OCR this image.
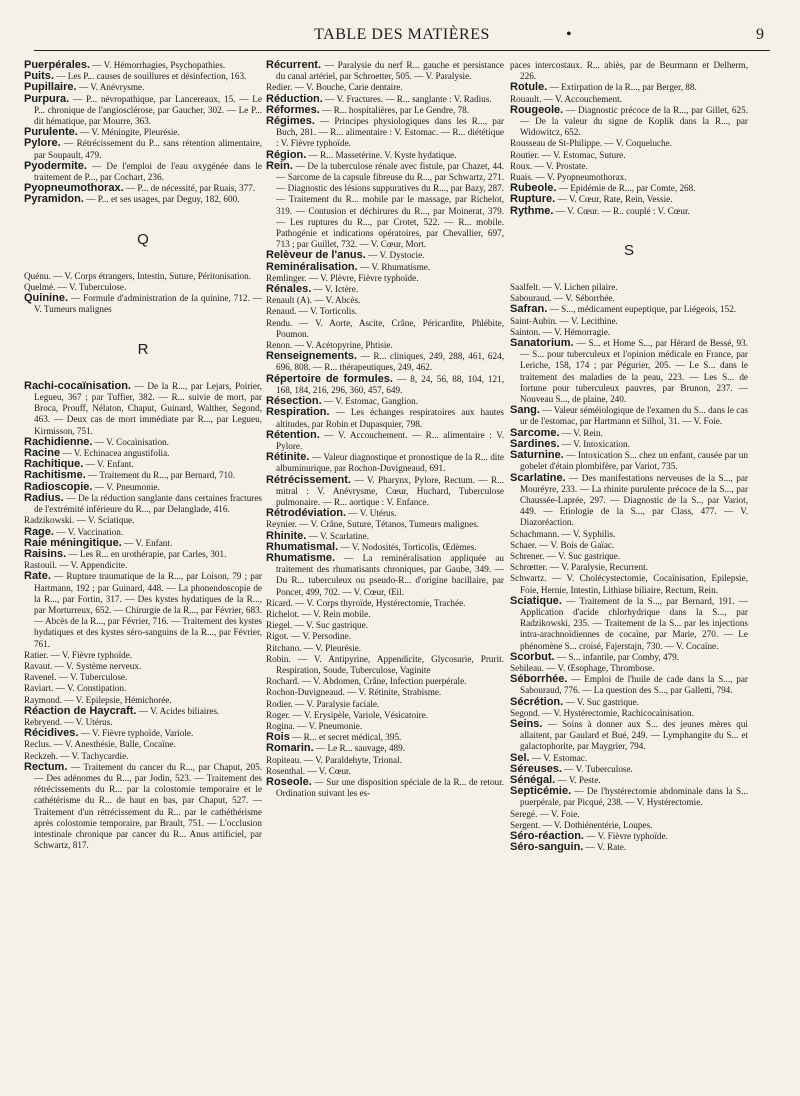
TABLE DES MATIÈRES	•	9

Puerpérales. — V. Hémorrhagies, Psychopathies.

Puits. — Les P... causes de souillures et désinfection, 163.

Pupillaire. — V. Anévrysme.

Purpura. — P... névropathique, par Lancereaux, 15. — Le P... chronique de l'angiosclérose, par Gaucher, 302. — Le P... dit hématique, par Mourre, 363.

Purulente. — V. Méningite, Pleurésie.

Pylore. — Rétrécissement du P... sans rétention alimentaire, par Soupault, 479.

Pyodermite. — De l'emploi de l'eau oxygénée dans le traitement de P..., par Cochart, 236.

Pyopneumothorax. — P... de nécessité, par Ruais, 377.

Pyramidon. — P... et ses usages, par Deguy, 182, 600.

Q

Quénu. — V. Corps étrangers, Intestin, Suture, Péritonisation.

Quelmé. — V. Tuberculose.

Quinine. — Formule d'administration de la quinine, 712. — V. Tumeurs malignes

R

Rachi-cocaïnisation. — De la R..., par Lejars, Poirier, Legueu, 367 ; par Tuffier, 382. — R... suivie de mort, par Broca, Prouff, Nélaton, Chaput, Guinard, Walther, Segond, 463. — Deux cas de mort immédiate par R..., par Legueu, Kirmisson, 751.

Rachidienne. — V. Cocaïnisation.

Racine — V. Echinacea angustifolia.

Rachitique. — V. Enfant.

Rachitisme. — Traitement du R..., par Bernard, 710.

Radioscopie. — V. Pneumonie.

Radius. — De la réduction sanglante dans certaines fractures de l'extrémité inférieure du R..., par Delanglade, 416.

Radzikowski. — V. Sciatique.

Rage. — V. Vaccination.

Raie méningitique. — V. Enfant.

Raisins. — Les R... en urothérapie, par Carles, 301.

Rastouil. — V. Appendicite.

Rate. — Rupture traumatique de la R..., par Loison, 79 ; par Hartmann, 192 ; par Guinard, 448. — La phonendoscopie de la R..., par Fortin, 317. — Des kystes hydatiques de la R..., par Morturreux, 652. — Chirurgie de la R..., par Février, 683. — Abcès de la R..., par Février, 716. — Traitement des kystes hydatiques et des kystes séro-sanguins de la R..., par Février, 761.

Ratier. — V. Fièvre typhoïde.

Ravaut. — V. Système nerveux.

Ravenel. — V. Tuberculose.

Raviart. — V. Constipation.

Raymond. — V. Epilepsie, Hémichorée.

Réaction de Haycraft. — V. Acides biliaires.

Rebryend. — V. Utérus.

Récidives. — V. Fièvre typhoïde, Variole.

Reclus. — V. Anesthésie, Balle, Cocaïne.

Reckzeh. — V. Tachycardie.

Rectum. — Traitement du cancer du R..., par Chaput, 205. — Des adénomes du R..., par Jodin, 523. — Traitement des rétrécissements du R... par la colostomie temporaire et le cathétérisme du R... de haut en bas, par Chaput, 527. — Traitement d'un rétrécissement du R... par le cathéthérisme après colostomie temporaire, par Brault, 751. — L'occlusion intestinale chronique par cancer du R... Anus artificiel, par Schwartz, 817.

Récurrent. — Paralysie du nerf R... gauche et persistance du canal artériel, par Schroetter, 505. — V. Paralysie.

Redier. — V. Bouche, Carie dentaire.

Réduction. — V. Fractures. — R... sanglante : V. Radius.

Réformes. — R... hospitalières, par Le Gendre, 78.

Régimes. — Principes physiologiques dans les R..., par Buch, 281. — R... alimentaire : V. Estomac. — R... diététique : V. Fièvre typhoïde.

Région. — R... Massetérine. V. Kyste hydatique.

Rein. — De la tuberculose rénale avec fistule, par Chazet, 44. — Sarcome de la capsule fibreuse du R..., par Schwartz, 271. — Diagnostic des lésions suppuratives du R..., par Bazy, 287. — Traitement du R... mobile par le massage, par Richelot, 319. — Contusion et déchirures du R..., par Moinerat, 379. — Les ruptures du R..., par Crotet, 522. — R... mobile. Pathogénie et indications opératoires, par Chevallier, 697, 713 ; par Guillet, 732. — V. Cœur, Mort.

Relèveur de l'anus. — V. Dystocie.

Reminéralisation. — V. Rhumatisme.

Remlinger. — V. Plèvre, Fièvre typhoïde.

Rénales. — V. Ictère.

Renault (A). — V. Abcès.

Renaud. — V. Torticolis.

Rendu. — V. Aorte, Ascite, Crâne, Péricardite, Phlébite, Poumon.

Renon. — V. Acétopyrine, Phtisie.

Renseignements. — R... cliniques, 249, 288, 461, 624, 696, 808. — R... thérapeutiques, 249, 462.

Répertoire de formules. — 8, 24, 56, 88, 104, 121, 168, 184, 216, 296, 360, 457, 649.

Résection. — V. Estomac, Ganglion.

Respiration. — Les échanges respiratoires aux hautes altitudes, par Robin et Dupasquier, 798.

Rétention. — V. Accouchement. — R... alimentaire : V. Pylore.

Rétinite. — Valeur diagnostique et pronostique de la R... dite albuminurique, par Rochon-Duvigneaud, 691.

Rétrécissement. — V. Pharynx, Pylore, Rectum. — R... mitral : V. Anévrysme, Cœur, Huchard, Tuberculose pulmonaire. — R... aortique : V. Enfance.

Rétrodéviation. — V. Utérus.

Reynier. — V. Crâne, Suture, Tétanos, Tumeurs malignes.

Rhinite. — V. Scarlatine.

Rhumatismal. — V. Nodosités, Torticolis, Œdèmes.

Rhumatisme. — La reminéralisation appliquée au traitement des rhumatisants chroniques, par Gaube, 349. — Du R... tuberculeux ou pseudo-R... d'origine bacillaire, par Poncet, 499, 702. — V. Cœur, Œil.

Ricard. — V. Corps thyroïde, Hystérectomie, Trachée.

Richelot. — V. Rein mobile.

Riegel. — V. Suc gastrique.

Rigot. — V. Persodine.

Ritchano. — V. Pleurésie.

Robin. — V. Antipyrine, Appendicite, Glycosurie, Prurit. Respiration, Soude, Tuberculose, Vaginite

Rochard. — V. Abdomen, Crâne, Infection puerpérale.

Rochon-Duvigneaud. — V. Rétinite, Strabisme.

Rodier. — V. Paralysie faciale.

Roger. — V. Erysipèle, Variole, Vésicatoire.

Rogina. — V. Pneumonie.

Rois — R... et secret médical, 395.

Romarin. — Le R... sauvage, 489.

Ropiteau. — V. Paraldehyte, Trional.

Rosenthal. — V. Cœur.

Roseole. — Sur une disposition spéciale de la R... de retour. Ordination suivant les es-

paces intercostaux. R... abiès, par de Beurmann et Delherm, 226.

Rotule. — Extirpation de la R..., par Berger, 88.

Rouault. — V. Accouchement.

Rougeole. — Diagnostic précoce de la R..., par Gillet, 625. — De la valeur du signe de Koplik dans la R..., par Widowitcz, 652.

Rousseau de St-Philippe. — V. Coqueluche.

Routier. — V. Estomac, Suture.

Roux. — V. Prostate.

Ruais. — V. Pyopneumothorax.

Rubeole. — Epidémie de R..., par Comte, 268.

Rupture. — V. Cœur, Rate, Rein, Vessie.

Rythme. — V. Cœur. — R.. couplé : V. Cœur.

S

Saalfelt. — V. Lichen pilaire.

Sabouraud. — V. Séborrhée.

Safran. — S..., médicament eupeptique, par Liégeois, 152.

Saint-Aubin. — V. Lecithine.

Sainton. — V. Hémorragie.

Sanatorium. — S... et Home S..., par Hérard de Bessé, 93. — S... pour tuberculeux et l'opinion médicale en France, par Leriche, 158, 174 ; par Pégurier, 205. — Le S... dans le traitement des maladies de la peau, 223. — Les S... de fortune pour tuberculeux pauvres, par Brunon, 237. — Nouveau S..., de plaine, 240.

Sang. — Valeur séméiologique de l'examen du S... dans le cas ur de l'estomac, par Hartmann et Silhol, 31. — V. Foie.

Sarcome. — V. Rein.

Sardines. — V. Intoxication.

Saturnine. — Intoxication S... chez un enfant, causée par un gobelet d'étain plombifère, par Variot, 735.

Scarlatine. — Des manifestations nerveuses de la S..., par Mouréyre, 233. — La rhinite purulente précoce de la S..., par Chaussée-Laprée, 297. — Diagnostic de la S.., par Variot, 449. — Etiologie de la S..., par Class, 477. — V. Diazoréaction.

Schachmann. — V. Syphilis.

Schaer. — V. Bois de Gaïac.

Schrener. — V. Suc gastrique.

Schrœtter. — V. Paralysie, Recurrent.

Schwartz. — V. Cholécystectomie, Cocaïnisation, Epilepsie, Foie, Hernie, Intestin, Lithiase biliaire, Rectum, Rein.

Sciatique. — Traitement de la S..., par Bernard, 191. — Application d'acide chlorhydrique dans la S..., par Radzikowski, 235. — Traitement de la S... par les injections intra-arachnoïdiennes de cocaïne, par Marie, 270. — Le phénomène S... croisé, Fajerstajn, 730. — V. Cocaïne.

Scorbut. — S... infantile, par Comby, 479.

Sebileau. — V. Œsophage, Thrombose.

Séborrhée. — Emploi de l'huile de cade dans la S..., par Sabouraud, 776. — La question des S..., par Galletti, 794.

Sécrétion. — V. Suc gastrique.

Segond. — V. Hystérectomie, Rachicocaïnisation.

Seins. — Soins à donner aux S... des jeunes mères qui allaitent, par Gaulard et Bué, 249. — Lymphangite du S... et galactophorite, par Maygrier, 794.

Sel. — V. Estomac.

Séreuses. — V. Tuberculose.

Sénégal. — V. Peste.

Septicémie. — De l'hystérectomie abdominale dans la S... puerpérale, par Picqué, 238. — V. Hystérectomie.

Seregé. — V. Foie.

Sergent. — V. Dothiénentérie, Loupes.

Séro-réaction. — V. Fièvre typhoïde.

Séro-sanguin. — V. Rate.
